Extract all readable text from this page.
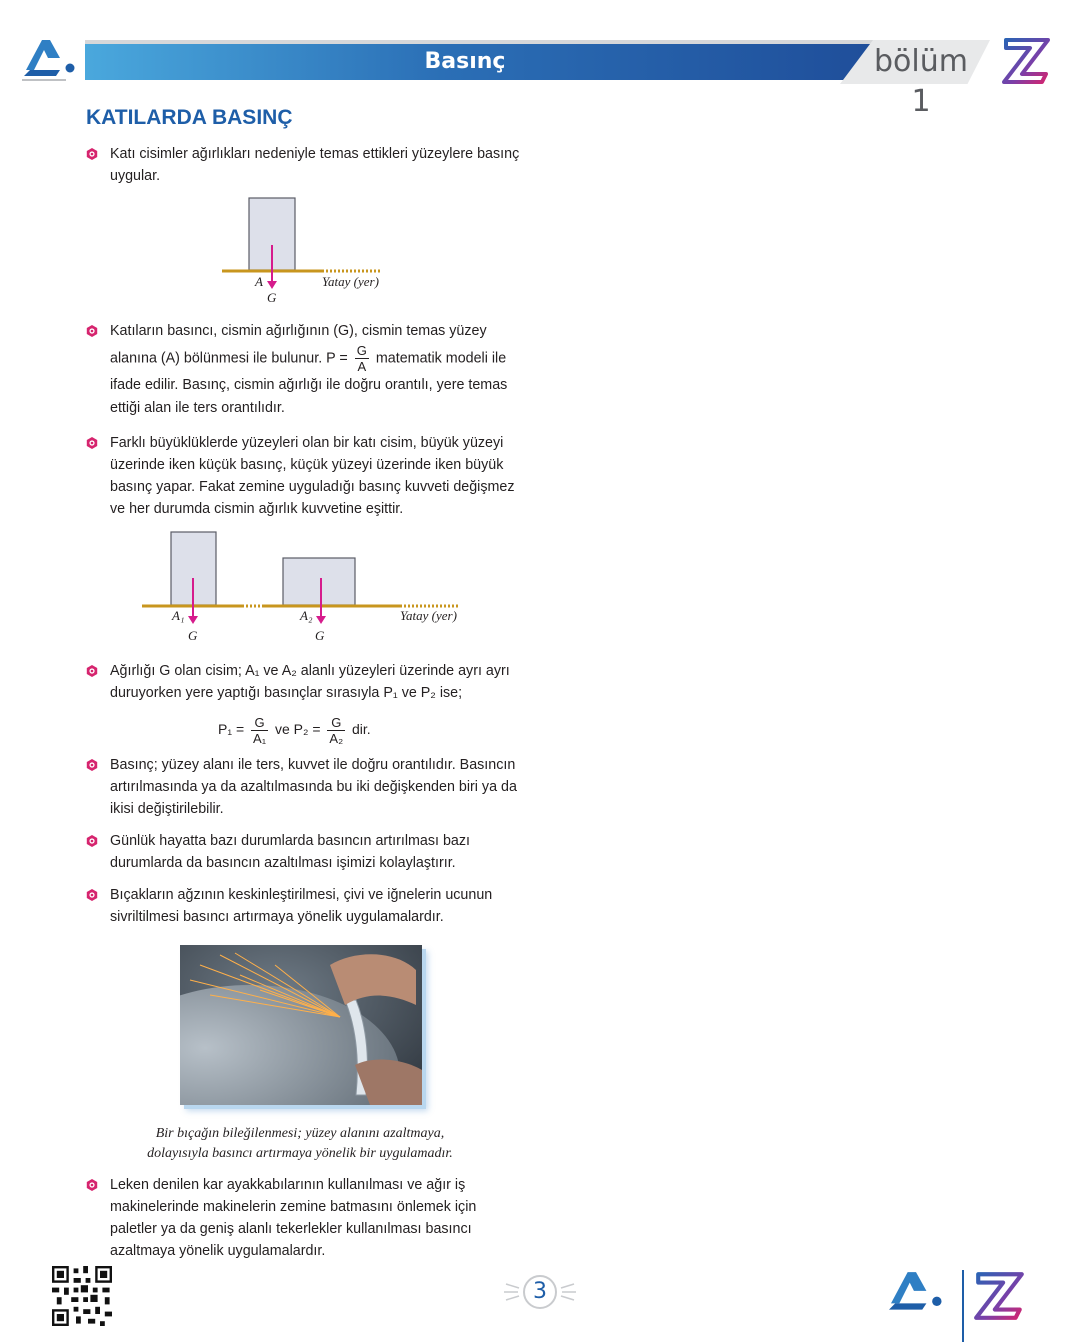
Basınç	bölüm 1
KATILARDA BASINÇ
Katı cisimler ağırlıkları nedeniyle temas ettikleri yüzeylere basınç uygular.
A
G
Yatay (yer)
Katıların basıncı, cismin ağırlığının (G), cismin temas yüzey alanına (A) bölünmesi ile bulunur. $P = \frac{G}{A}$ matematik modeli ile ifade edilir. Basınç, cismin ağırlığı ile doğru orantılı, yere temas ettiği alan ile ters orantılıdır.
Farklı büyüklüklerde yüzeyleri olan bir katı cisim, büyük yüzeyi üzerinde iken küçük basınç, küçük yüzeyi üzerinde iken büyük basınç yapar. Fakat zemine uyguladığı basınç kuvveti değişmez ve her durumda cismin ağırlık kuvvetine eşittir.
A₁
G
A₂
G
Yatay (yer)
Ağırlığı G olan cisim; A₁ ve A₂ alanlı yüzeyleri üzerinde ayrı ayrı duruyorken yere yaptığı basınçlar sırasıyla P₁ ve P₂ ise;
$P_1 = \frac{G}{\text{A₁}}$ ve $P_2 = \frac{G}{\text{A₂}}$ dir.
Basınç; yüzey alanı ile ters, kuvvet ile doğru orantılıdır. Basıncın artırılmasında ya da azaltılmasında bu iki değişkenden biri ya da ikisi değiştirilebilir.
Günlük hayatta bazı durumlarda basıncın artırılması bazı durumlarda da basıncın azaltılması işimizi kolaylaştırır.
Bıçakların ağzının keskinleştirilmesi, çivi ve iğnelerin ucunun sivriltilmesi basıncı artırmaya yönelik uygulamalardır.
Bir bıçağın bileğilenmesi; yüzey alanını azaltmaya,
dolayısıyla basıncı artırmaya yönelik bir uygulamadır.
Leken denilen kar ayakkabılarının kullanılması ve ağır iş makinelerinde makinelerin zemine batmasını önlemek için paletler ya da geniş alanlı tekerlekler kullanılması basıncı azaltmaya yönelik uygulamalardır.
3
